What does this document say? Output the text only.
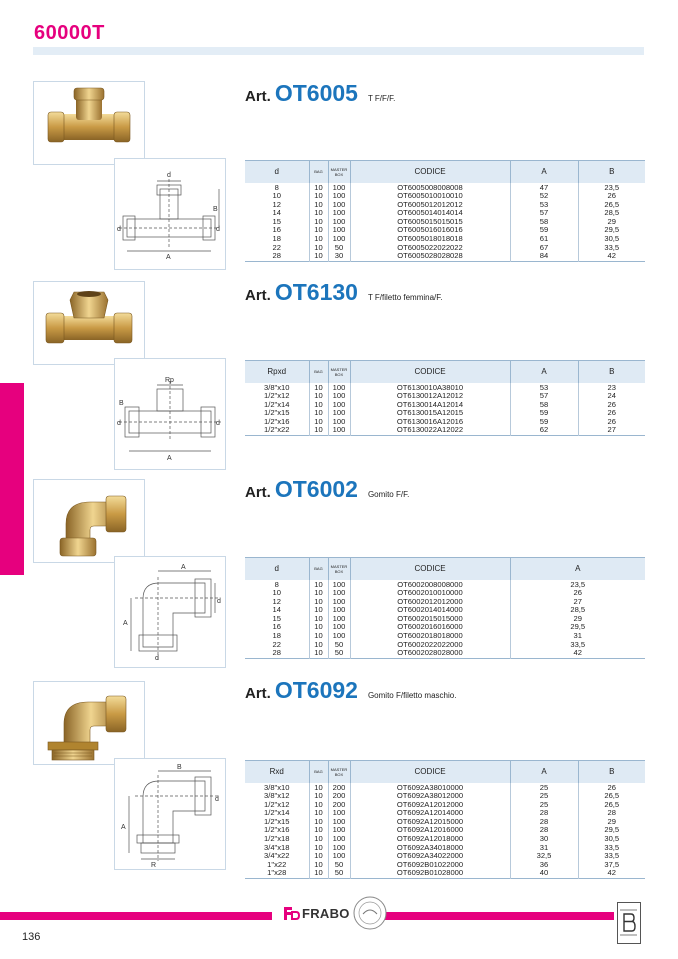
60000T
d
B
d	d
A
Art. OT6005 T F/F/F.
d	BAG	MASTER BOX	CODICE	A	B
8	10	100	OT6005008008008	47	23,5
10	10	100	OT6005010010010	52	26
12	10	100	OT6005012012012	53	26,5
14	10	100	OT6005014014014	57	28,5
15	10	100	OT6005015015015	58	29
16	10	100	OT6005016016016	59	29,5
18	10	100	OT6005018018018	61	30,5
22	10	50	OT6005022022022	67	33,5
28	10	30	OT6005028028028	84	42
Rp
B
d	d
A
Art. OT6130 T F/filetto femmina/F.
Rpxd	BAG	MASTER BOX	CODICE	A	B
3/8"x10	10	100	OT6130010A38010	53	23
1/2"x12	10	100	OT6130012A12012	57	24
1/2"x14	10	100	OT6130014A12014	58	26
1/2"x15	10	100	OT6130015A12015	59	26
1/2"x16	10	100	OT6130016A12016	59	26
1/2"x22	10	100	OT6130022A12022	62	27
A
d
A
d
Art. OT6002 Gomito F/F.
d	BAG	MASTER BOX	CODICE	A
8	10	100	OT6002008008000	23,5
10	10	100	OT6002010010000	26
12	10	100	OT6002012012000	27
14	10	100	OT6002014014000	28,5
15	10	100	OT6002015015000	29
16	10	100	OT6002016016000	29,5
18	10	100	OT6002018018000	31
22	10	50	OT6002022022000	33,5
28	10	50	OT6002028028000	42
B
d
A
R
Art. OT6092 Gomito F/filetto maschio.
Rxd	BAG	MASTER BOX	CODICE	A	B
3/8"x10	10	200	OT6092A38010000	25	26
3/8"x12	10	200	OT6092A38012000	25	26,5
1/2"x12	10	200	OT6092A12012000	25	26,5
1/2"x14	10	100	OT6092A12014000	28	28
1/2"x15	10	100	OT6092A12015000	28	29
1/2"x16	10	100	OT6092A12016000	28	29,5
1/2"x18	10	100	OT6092A12018000	30	30,5
3/4"x18	10	100	OT6092A34018000	31	33,5
3/4"x22	10	100	OT6092A34022000	32,5	33,5
1"x22	10	50	OT6092B01022000	36	37,5
1"x28	10	50	OT6092B01028000	40	42
FRABO
136
